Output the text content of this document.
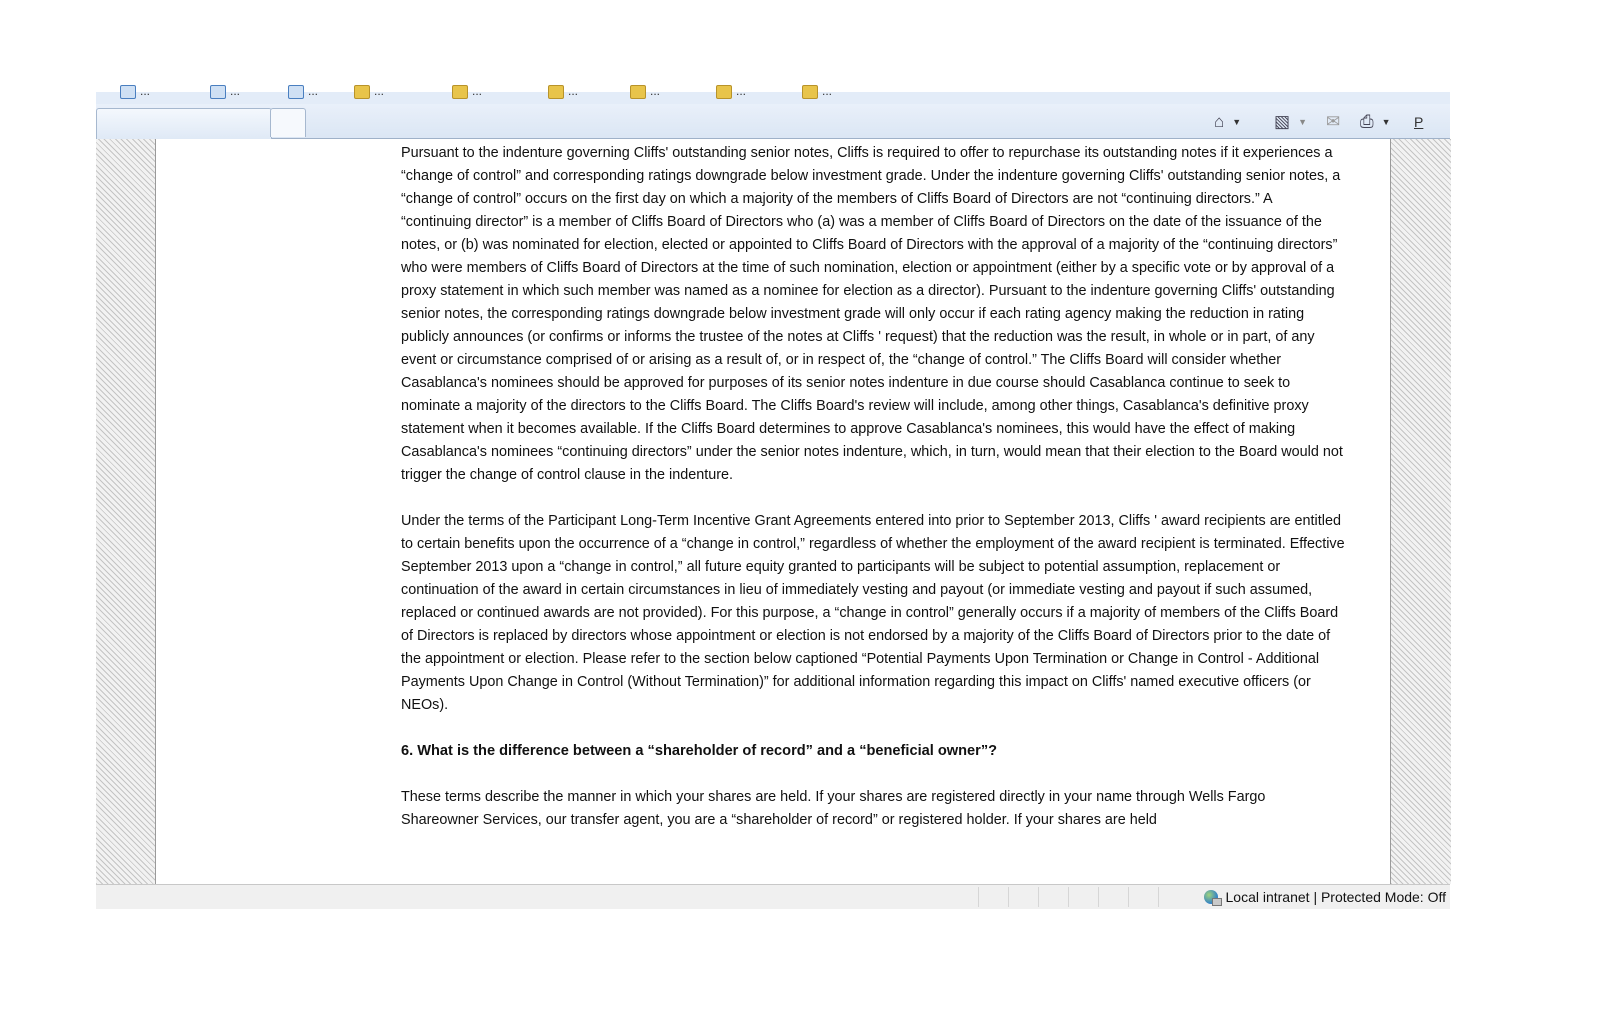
...	...	...	...	...	...	...	...	...
⌂ ▼ ▧ ▼ ✉ ⎙ ▼ P

Pursuant to the indenture governing Cliffs' outstanding senior notes, Cliffs is required to offer to repurchase its outstanding notes if it experiences a “change of control” and corresponding ratings downgrade below investment grade. Under the indenture governing Cliffs' outstanding senior notes, a “change of control” occurs on the first day on which a majority of the members of Cliffs Board of Directors are not “continuing directors.” A “continuing director” is a member of Cliffs Board of Directors who (a) was a member of Cliffs Board of Directors on the date of the issuance of the notes, or (b) was nominated for election, elected or appointed to Cliffs Board of Directors with the approval of a majority of the “continuing directors” who were members of Cliffs Board of Directors at the time of such nomination, election or appointment (either by a specific vote or by approval of a proxy statement in which such member was named as a nominee for election as a director). Pursuant to the indenture governing Cliffs' outstanding senior notes, the corresponding ratings downgrade below investment grade will only occur if each rating agency making the reduction in rating publicly announces (or confirms or informs the trustee of the notes at Cliffs ' request) that the reduction was the result, in whole or in part, of any event or circumstance comprised of or arising as a result of, or in respect of, the “change of control.” The Cliffs Board will consider whether Casablanca's nominees should be approved for purposes of its senior notes indenture in due course should Casablanca continue to seek to nominate a majority of the directors to the Cliffs Board. The Cliffs Board's review will include, among other things, Casablanca's definitive proxy statement when it becomes available. If the Cliffs Board determines to approve Casablanca's nominees, this would have the effect of making Casablanca's nominees “continuing directors” under the senior notes indenture, which, in turn, would mean that their election to the Board would not trigger the change of control clause in the indenture.

Under the terms of the Participant Long-Term Incentive Grant Agreements entered into prior to September 2013, Cliffs ' award recipients are entitled to certain benefits upon the occurrence of a “change in control,” regardless of whether the employment of the award recipient is terminated. Effective September 2013 upon a “change in control,” all future equity granted to participants will be subject to potential assumption, replacement or continuation of the award in certain circumstances in lieu of immediately vesting and payout (or immediate vesting and payout if such assumed, replaced or continued awards are not provided). For this purpose, a “change in control” generally occurs if a majority of members of the Cliffs Board of Directors is replaced by directors whose appointment or election is not endorsed by a majority of the Cliffs Board of Directors prior to the date of the appointment or election. Please refer to the section below captioned “Potential Payments Upon Termination or Change in Control - Additional Payments Upon Change in Control (Without Termination)” for additional information regarding this impact on Cliffs' named executive officers (or NEOs).

6. What is the difference between a “shareholder of record” and a “beneficial owner”?

These terms describe the manner in which your shares are held. If your shares are registered directly in your name through Wells Fargo Shareowner Services, our transfer agent, you are a “shareholder of record” or registered holder. If your shares are held

Local intranet | Protected Mode: Off
